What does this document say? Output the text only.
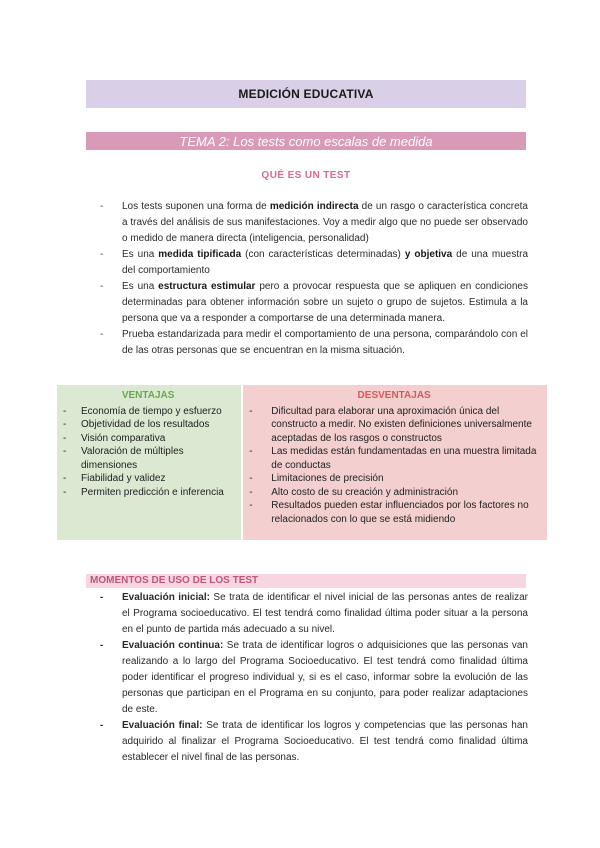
MEDICIÓN EDUCATIVA
TEMA 2: Los tests como escalas de medida
QUÉ ES UN TEST
-	Los tests suponen una forma de medición indirecta de un rasgo o característica concreta a través del análisis de sus manifestaciones. Voy a medir algo que no puede ser observado o medido de manera directa (inteligencia, personalidad)
-	Es una medida tipificada (con características determinadas) y objetiva de una muestra del comportamiento
-	Es una estructura estimular pero a provocar respuesta que se apliquen en condiciones determinadas para obtener información sobre un sujeto o grupo de sujetos. Estimula a la persona que va a responder a comportarse de una determinada manera.
-	Prueba estandarizada para medir el comportamiento de una persona, comparándolo con el de las otras personas que se encuentran en la misma situación.
VENTAJAS
-	Economía de tiempo y esfuerzo
-	Objetividad de los resultados
-	Visión comparativa
-	Valoración de múltiples dimensiones
-	Fiabilidad y validez
-	Permiten predicción e inferencia
DESVENTAJAS
-	Dificultad para elaborar una aproximación única del constructo a medir. No existen definiciones universalmente aceptadas de los rasgos o constructos
-	Las medidas están fundamentadas en una muestra limitada de conductas
-	Limitaciones de precisión
-	Alto costo de su creación y administración
-	Resultados pueden estar influenciados por los factores no relacionados con lo que se está midiendo
MOMENTOS DE USO DE LOS TEST
-	Evaluación inicial: Se trata de identificar el nivel inicial de las personas antes de realizar el Programa socioeducativo. El test tendrá como finalidad última poder situar a la persona en el punto de partida más adecuado a su nivel.
-	Evaluación continua: Se trata de identificar logros o adquisiciones que las personas van realizando a lo largo del Programa Socioeducativo. El test tendrá como finalidad última poder identificar el progreso individual y, si es el caso, informar sobre la evolución de las personas que participan en el Programa en su conjunto, para poder realizar adaptaciones de este.
-	Evaluación final: Se trata de identificar los logros y competencias que las personas han adquirido al finalizar el Programa Socioeducativo. El test tendrá como finalidad última establecer el nivel final de las personas.
